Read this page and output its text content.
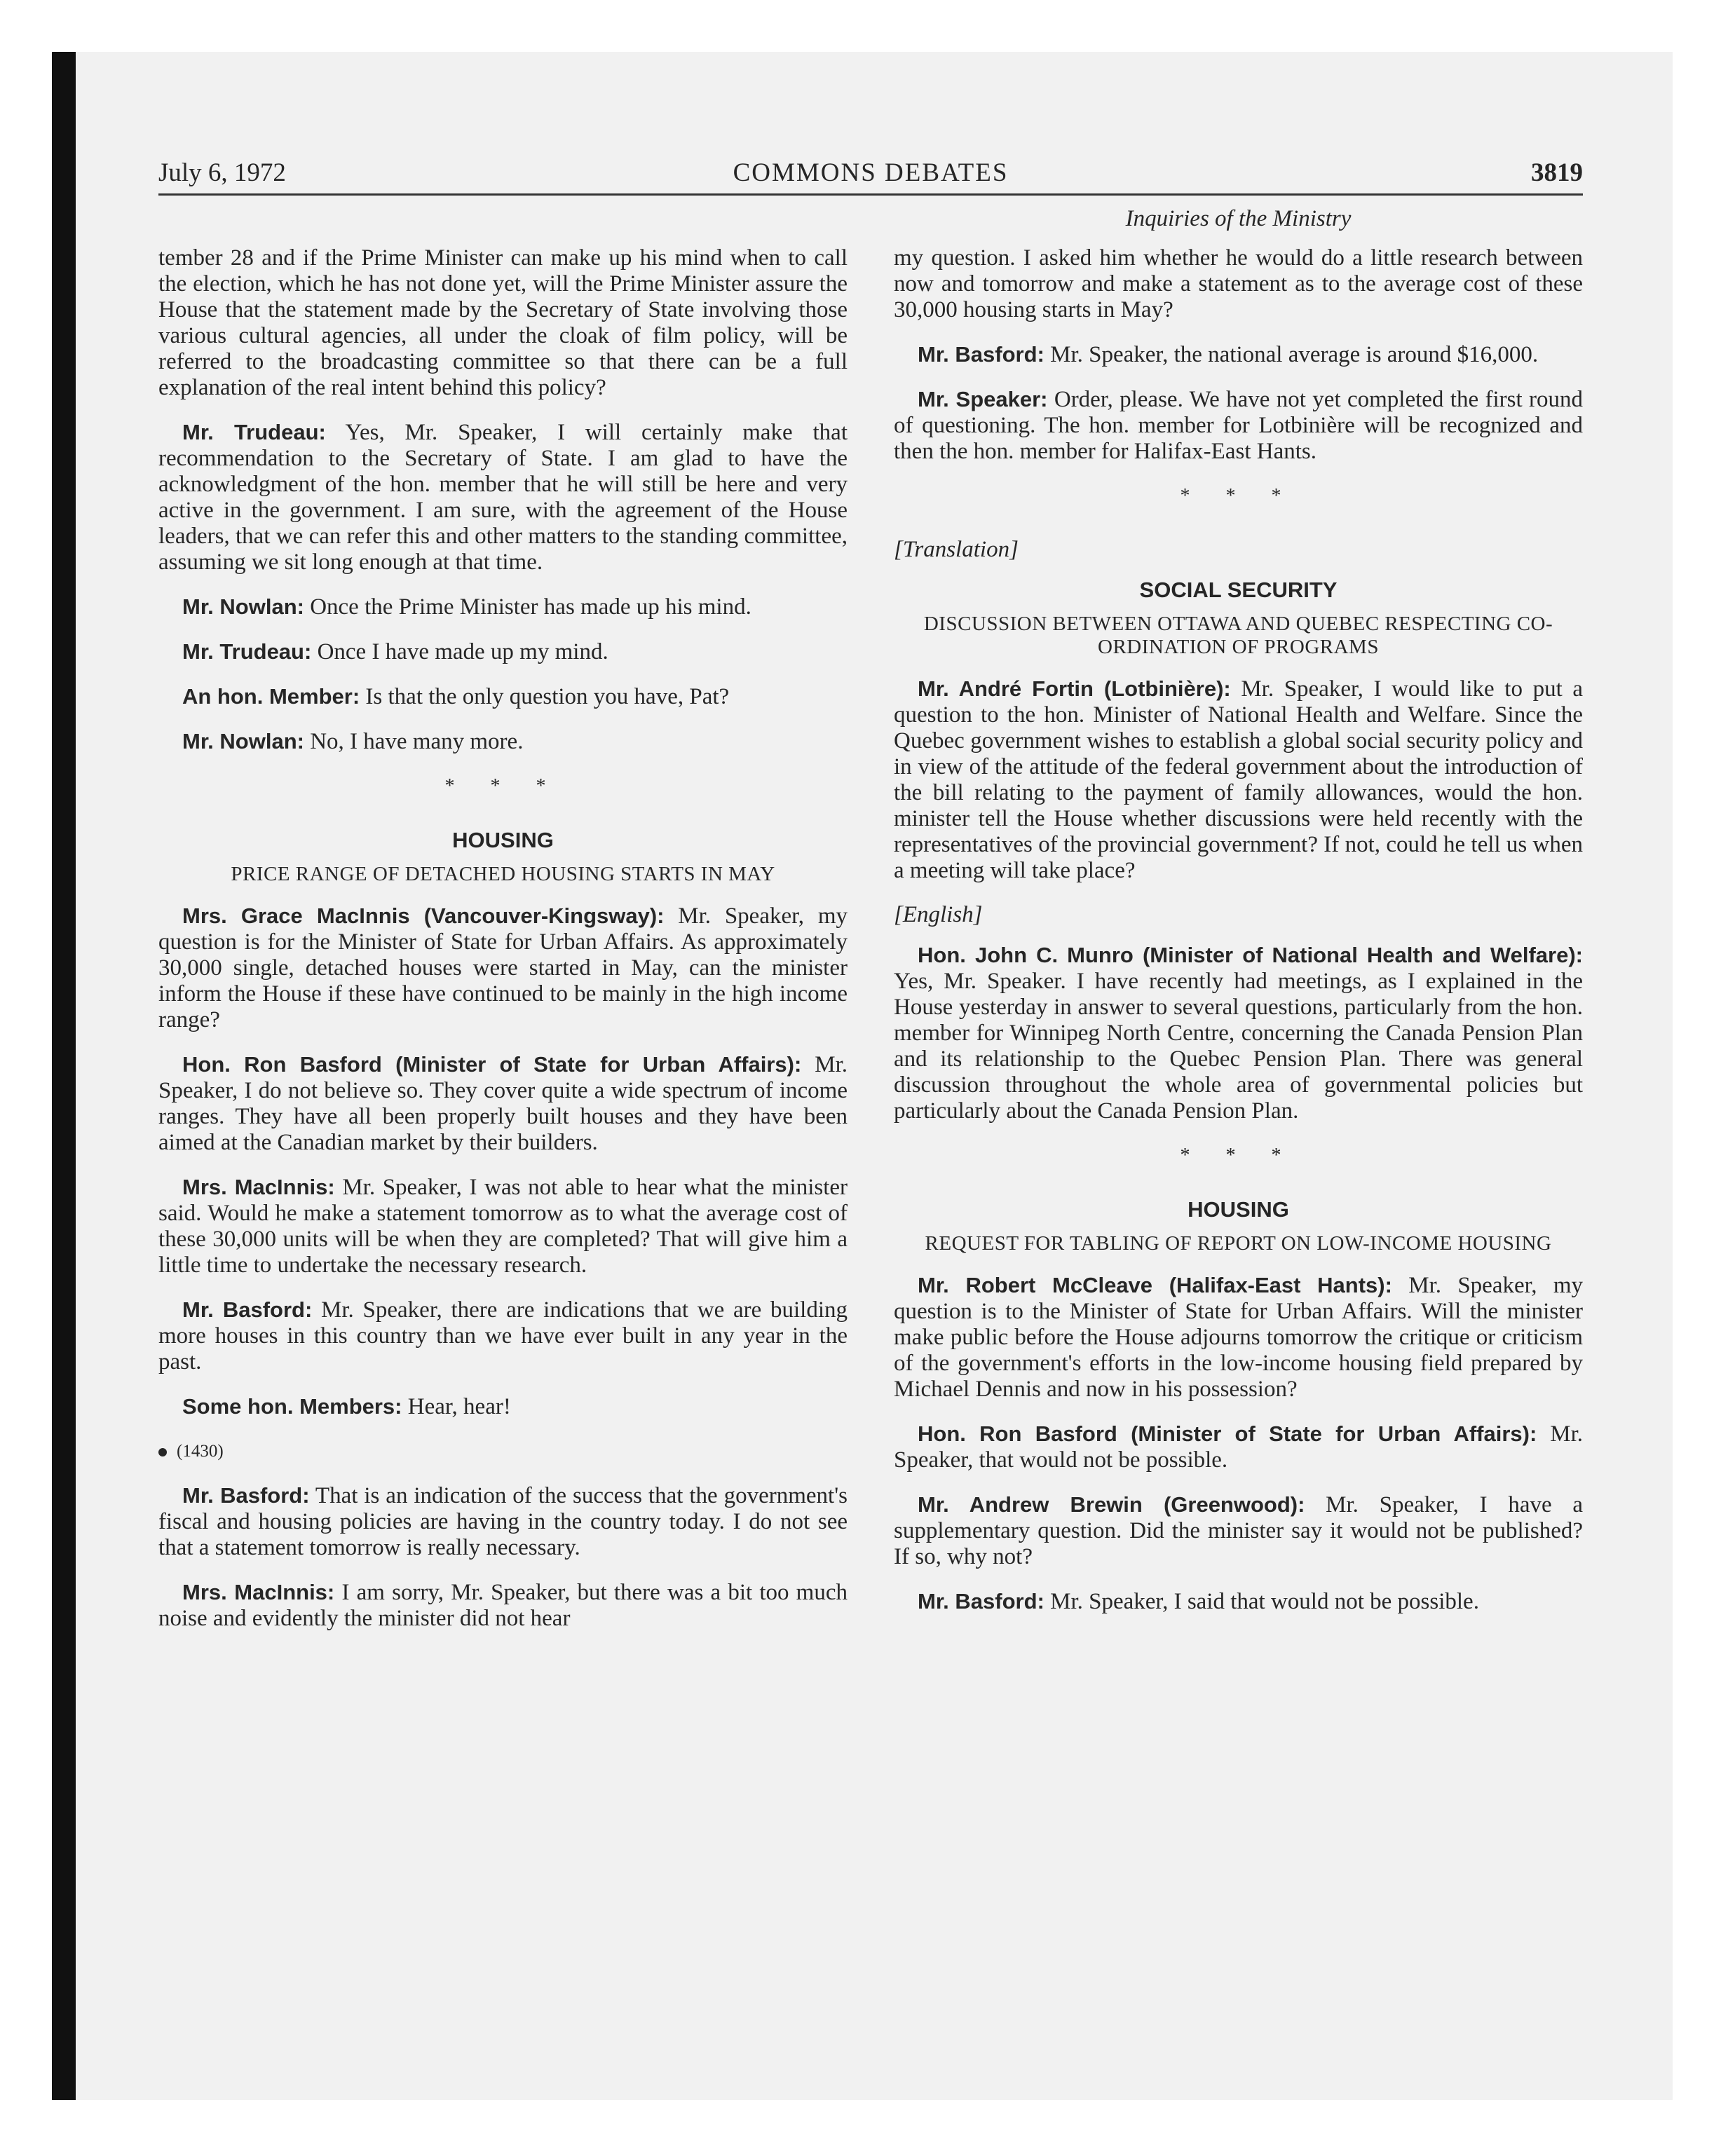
July 6, 1972	COMMONS DEBATES	3819
Inquiries of the Ministry

tember 28 and if the Prime Minister can make up his mind when to call the election, which he has not done yet, will the Prime Minister assure the House that the statement made by the Secretary of State involving those various cultural agencies, all under the cloak of film policy, will be referred to the broadcasting committee so that there can be a full explanation of the real intent behind this policy?

Mr. Trudeau: Yes, Mr. Speaker, I will certainly make that recommendation to the Secretary of State. I am glad to have the acknowledgment of the hon. member that he will still be here and very active in the government. I am sure, with the agreement of the House leaders, that we can refer this and other matters to the standing committee, assuming we sit long enough at that time.

Mr. Nowlan: Once the Prime Minister has made up his mind.

Mr. Trudeau: Once I have made up my mind.

An hon. Member: Is that the only question you have, Pat?

Mr. Nowlan: No, I have many more.

* * *
HOUSING
PRICE RANGE OF DETACHED HOUSING STARTS IN MAY

Mrs. Grace MacInnis (Vancouver-Kingsway): Mr. Speaker, my question is for the Minister of State for Urban Affairs. As approximately 30,000 single, detached houses were started in May, can the minister inform the House if these have continued to be mainly in the high income range?

Hon. Ron Basford (Minister of State for Urban Affairs): Mr. Speaker, I do not believe so. They cover quite a wide spectrum of income ranges. They have all been properly built houses and they have been aimed at the Canadian market by their builders.

Mrs. MacInnis: Mr. Speaker, I was not able to hear what the minister said. Would he make a statement tomorrow as to what the average cost of these 30,000 units will be when they are completed? That will give him a little time to undertake the necessary research.

Mr. Basford: Mr. Speaker, there are indications that we are building more houses in this country than we have ever built in any year in the past.

Some hon. Members: Hear, hear!

(1430)

Mr. Basford: That is an indication of the success that the government's fiscal and housing policies are having in the country today. I do not see that a statement tomorrow is really necessary.

Mrs. MacInnis: I am sorry, Mr. Speaker, but there was a bit too much noise and evidently the minister did not hear

my question. I asked him whether he would do a little research between now and tomorrow and make a statement as to the average cost of these 30,000 housing starts in May?

Mr. Basford: Mr. Speaker, the national average is around $16,000.

Mr. Speaker: Order, please. We have not yet completed the first round of questioning. The hon. member for Lotbinière will be recognized and then the hon. member for Halifax-East Hants.

* * *

[Translation]

SOCIAL SECURITY
DISCUSSION BETWEEN OTTAWA AND QUEBEC RESPECTING CO-ORDINATION OF PROGRAMS

Mr. André Fortin (Lotbinière): Mr. Speaker, I would like to put a question to the hon. Minister of National Health and Welfare. Since the Quebec government wishes to establish a global social security policy and in view of the attitude of the federal government about the introduction of the bill relating to the payment of family allowances, would the hon. minister tell the House whether discussions were held recently with the representatives of the provincial government? If not, could he tell us when a meeting will take place?

[English]

Hon. John C. Munro (Minister of National Health and Welfare): Yes, Mr. Speaker. I have recently had meetings, as I explained in the House yesterday in answer to several questions, particularly from the hon. member for Winnipeg North Centre, concerning the Canada Pension Plan and its relationship to the Quebec Pension Plan. There was general discussion throughout the whole area of governmental policies but particularly about the Canada Pension Plan.

* * *
HOUSING
REQUEST FOR TABLING OF REPORT ON LOW-INCOME HOUSING

Mr. Robert McCleave (Halifax-East Hants): Mr. Speaker, my question is to the Minister of State for Urban Affairs. Will the minister make public before the House adjourns tomorrow the critique or criticism of the government's efforts in the low-income housing field prepared by Michael Dennis and now in his possession?

Hon. Ron Basford (Minister of State for Urban Affairs): Mr. Speaker, that would not be possible.

Mr. Andrew Brewin (Greenwood): Mr. Speaker, I have a supplementary question. Did the minister say it would not be published? If so, why not?

Mr. Basford: Mr. Speaker, I said that would not be possible.
